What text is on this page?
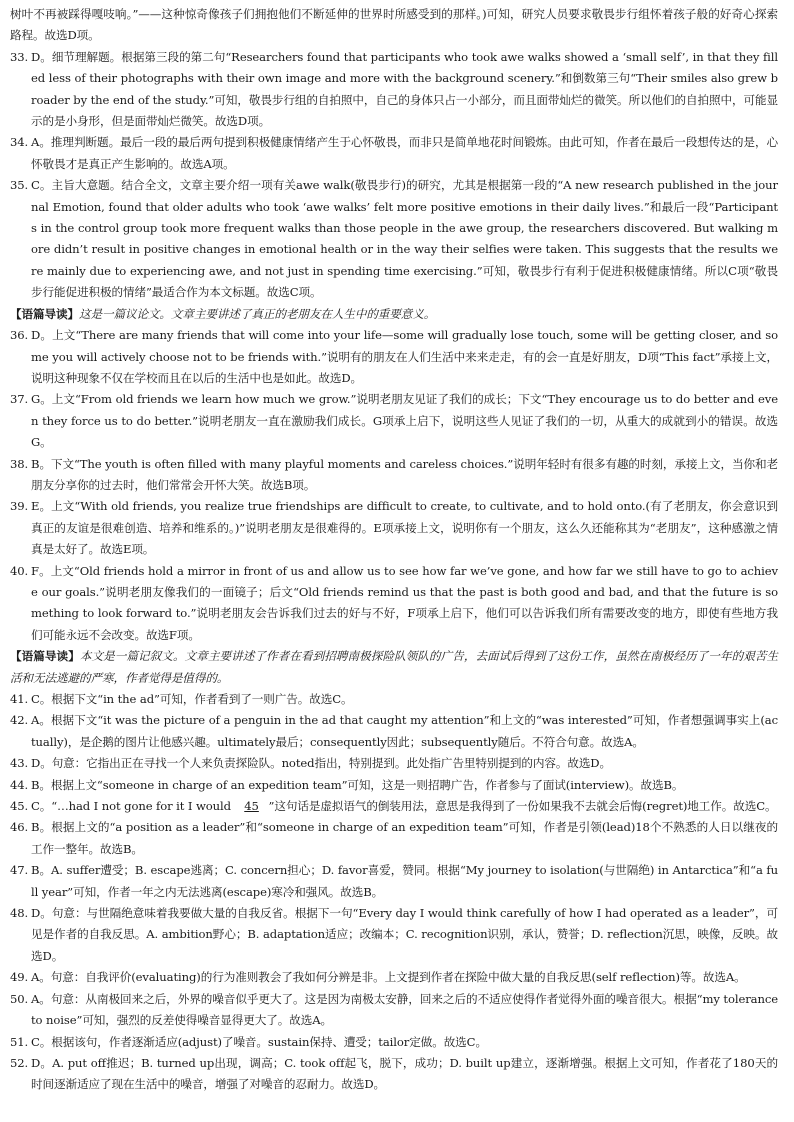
树叶不再被踩得嘎吱响。”——这种惊奇像孩子们拥抱他们不断延伸的世界时所感受到的那样。)可知，研究人员要求敬畏步行组怀着孩子般的好奇心探索路程。故选D项。
33. D。细节理解题。根据第三段的第二句“Researchers found that participants who took awe walks showed a ‘small self’, in that they filled less of their photographs with their own image and more with the background scenery.”和倒数第三句“Their smiles also grew broader by the end of the study.”可知，敬畏步行组的自拍照中，自己的身体只占一小部分，而且面带灿烂的微笑。所以他们的自拍照中，可能显示的是小身形，但是面带灿烂微笑。故选D项。
34. A。推理判断题。最后一段的最后两句提到积极健康情绪产生于心怀敬畏，而非只是简单地花时间锻炼。由此可知，作者在最后一段想传达的是，心怀敬畏才是真正产生影响的。故选A项。
35. C。主旨大意题。结合全文，文章主要介绍一项有关awe walk(敬畏步行)的研究，尤其是根据第一段的“A new research published in the journal Emotion, found that older adults who took ‘awe walks’ felt more positive emotions in their daily lives.”和最后一段“Participants in the control group took more frequent walks than those people in the awe group, the researchers discovered. But walking more didn’t result in positive changes in emotional health or in the way their selfies were taken. This suggests that the results were mainly due to experiencing awe, and not just in spending time exercising.”可知，敬畏步行有利于促进积极健康情绪。所以C项“敬畏步行能促进积极的情绪”最适合作为本文标题。故选C项。
【语篇导读】这是一篇议论文。文章主要讲述了真正的老朋友在人生中的重要意义。
36. D。上文“There are many friends that will come into your life—some will gradually lose touch, some will be getting closer, and some you will actively choose not to be friends with.”说明有的朋友在人们生活中来来走走，有的会一直是好朋友，D项“This fact”承接上文，说明这种现象不仅在学校而且在以后的生活中也是如此。故选D。
37. G。上文“From old friends we learn how much we grow.”说明老朋友见证了我们的成长；下文“They encourage us to do better and even they force us to do better.”说明老朋友一直在激励我们成长。G项承上启下，说明这些人见证了我们的一切，从重大的成就到小的错误。故选G。
38. B。下文“The youth is often filled with many playful moments and careless choices.”说明年轻时有很多有趣的时刻，承接上文，当你和老朋友分享你的过去时，他们常常会开怀大笑。故选B项。
39. E。上文“With old friends, you realize true friendships are difficult to create, to cultivate, and to hold onto.(有了老朋友，你会意识到真正的友谊是很难创造、培养和维系的。)”说明老朋友是很难得的。E项承接上文，说明你有一个朋友，这么久还能称其为“老朋友”，这种感激之情真是太好了。故选E项。
40. F。上文“Old friends hold a mirror in front of us and allow us to see how far we’ve gone, and how far we still have to go to achieve our goals.”说明老朋友像我们的一面镜子；后文“Old friends remind us that the past is both good and bad, and that the future is something to look forward to.”说明老朋友会告诉我们过去的好与不好，F项承上启下，他们可以告诉我们所有需要改变的地方，即使有些地方我们可能永远不会改变。故选F项。
【语篇导读】本文是一篇记叙文。文章主要讲述了作者在看到招聘南极探险队领队的广告，去面试后得到了这份工作，虽然在南极经历了一年的艰苦生活和无法逃避的严寒，作者觉得是值得的。
41. C。根据下文“in the ad”可知，作者看到了一则广告。故选C。
42. A。根据下文“it was the picture of a penguin in the ad that caught my attention”和上文的“was interested”可知，作者想强调事实上(actually)，是企鹅的图片让他感兴趣。ultimately最后；consequently因此；subsequently随后。不符合句意。故选A。
43. D。句意：它指出正在寻找一个人来负责探险队。noted指出，特别提到。此处指广告里特别提到的内容。故选D。
44. B。根据上文“someone in charge of an expedition team”可知，这是一则招聘广告，作者参与了面试(interview)。故选B。
45. C。“…had I not gone for it I would 45 ”这句话是虚拟语气的倒装用法，意思是我得到了一份如果我不去就会后悔(regret)地工作。故选C。
46. B。根据上文的“a position as a leader”和“someone in charge of an expedition team”可知，作者是引领(lead)18个不熟悉的人日以继夜的工作一整年。故选B。
47. B。A. suffer遭受；B. escape逃离；C. concern担心；D. favor喜爱，赞同。根据“My journey to isolation(与世隔绝) in Antarctica”和“a full year”可知，作者一年之内无法逃离(escape)寒冷和强风。故选B。
48. D。句意：与世隔绝意味着我要做大量的自我反省。根据下一句“Every day I would think carefully of how I had operated as a leader”，可见是作者的自我反思。A. ambition野心；B. adaptation适应；改编本；C. recognition识别，承认，赞誉；D. reflection沉思，映像，反映。故选D。
49. A。句意：自我评价(evaluating)的行为准则教会了我如何分辨是非。上文提到作者在探险中做大量的自我反思(self reflection)等。故选A。
50. A。句意：从南极回来之后，外界的噪音似乎更大了。这是因为南极太安静，回来之后的不适应使得作者觉得外面的噪音很大。根据“my tolerance to noise”可知，强烈的反差使得噪音显得更大了。故选A。
51. C。根据该句，作者逐渐适应(adjust)了噪音。sustain保持、遭受；tailor定做。故选C。
52. D。A. put off推迟；B. turned up出现，调高；C. took off起飞，脱下，成功；D. built up建立，逐渐增强。根据上文可知，作者花了180天的时间逐渐适应了现在生活中的噪音，增强了对噪音的忍耐力。故选D。
